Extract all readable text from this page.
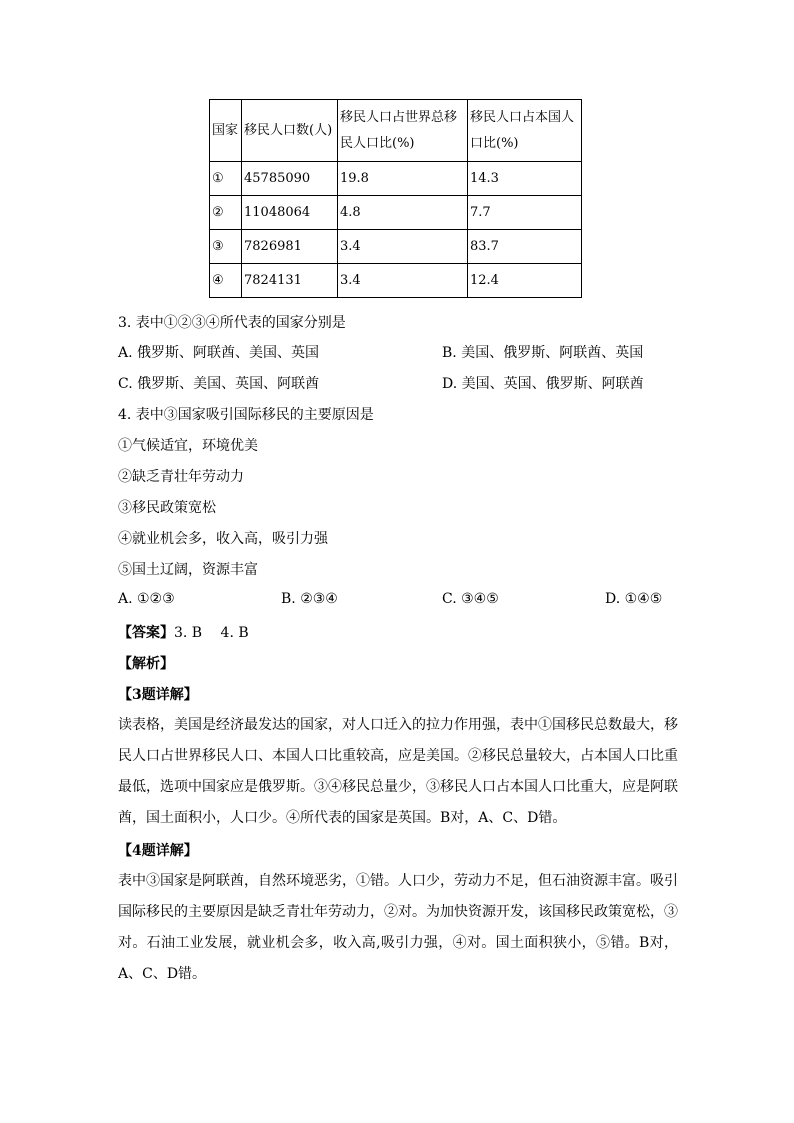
国家	移民人口数(人)	移民人口占世界总移民人口比(%)	移民人口占本国人口比(%)
①	45785090	19.8	14.3
②	11048064	4.8	7.7
③	7826981	3.4	83.7
④	7824131	3.4	12.4
3. 表中①②③④所代表的国家分别是
A. 俄罗斯、阿联酋、美国、英国	B. 美国、俄罗斯、阿联酋、英国
C. 俄罗斯、美国、英国、阿联酋	D. 美国、英国、俄罗斯、阿联酋
4. 表中③国家吸引国际移民的主要原因是
①气候适宜，环境优美
②缺乏青壮年劳动力
③移民政策宽松
④就业机会多，收入高，吸引力强
⑤国土辽阔，资源丰富
A. ①②③	B. ②③④	C. ③④⑤	D. ①④⑤
【答案】3. B　 4. B
【解析】
【3题详解】
读表格，美国是经济最发达的国家，对人口迁入的拉力作用强，表中①国移民总数最大，移民人口占世界移民人口、本国人口比重较高，应是美国。②移民总量较大，占本国人口比重最低，选项中国家应是俄罗斯。③④移民总量少，③移民人口占本国人口比重大，应是阿联酋，国土面积小，人口少。④所代表的国家是英国。B对，A、C、D错。
【4题详解】
表中③国家是阿联酋，自然环境恶劣，①错。人口少，劳动力不足，但石油资源丰富。吸引国际移民的主要原因是缺乏青壮年劳动力，②对。为加快资源开发，该国移民政策宽松，③对。石油工业发展，就业机会多，收入高,吸引力强，④对。国土面积狭小，⑤错。B对，A、C、D错。
